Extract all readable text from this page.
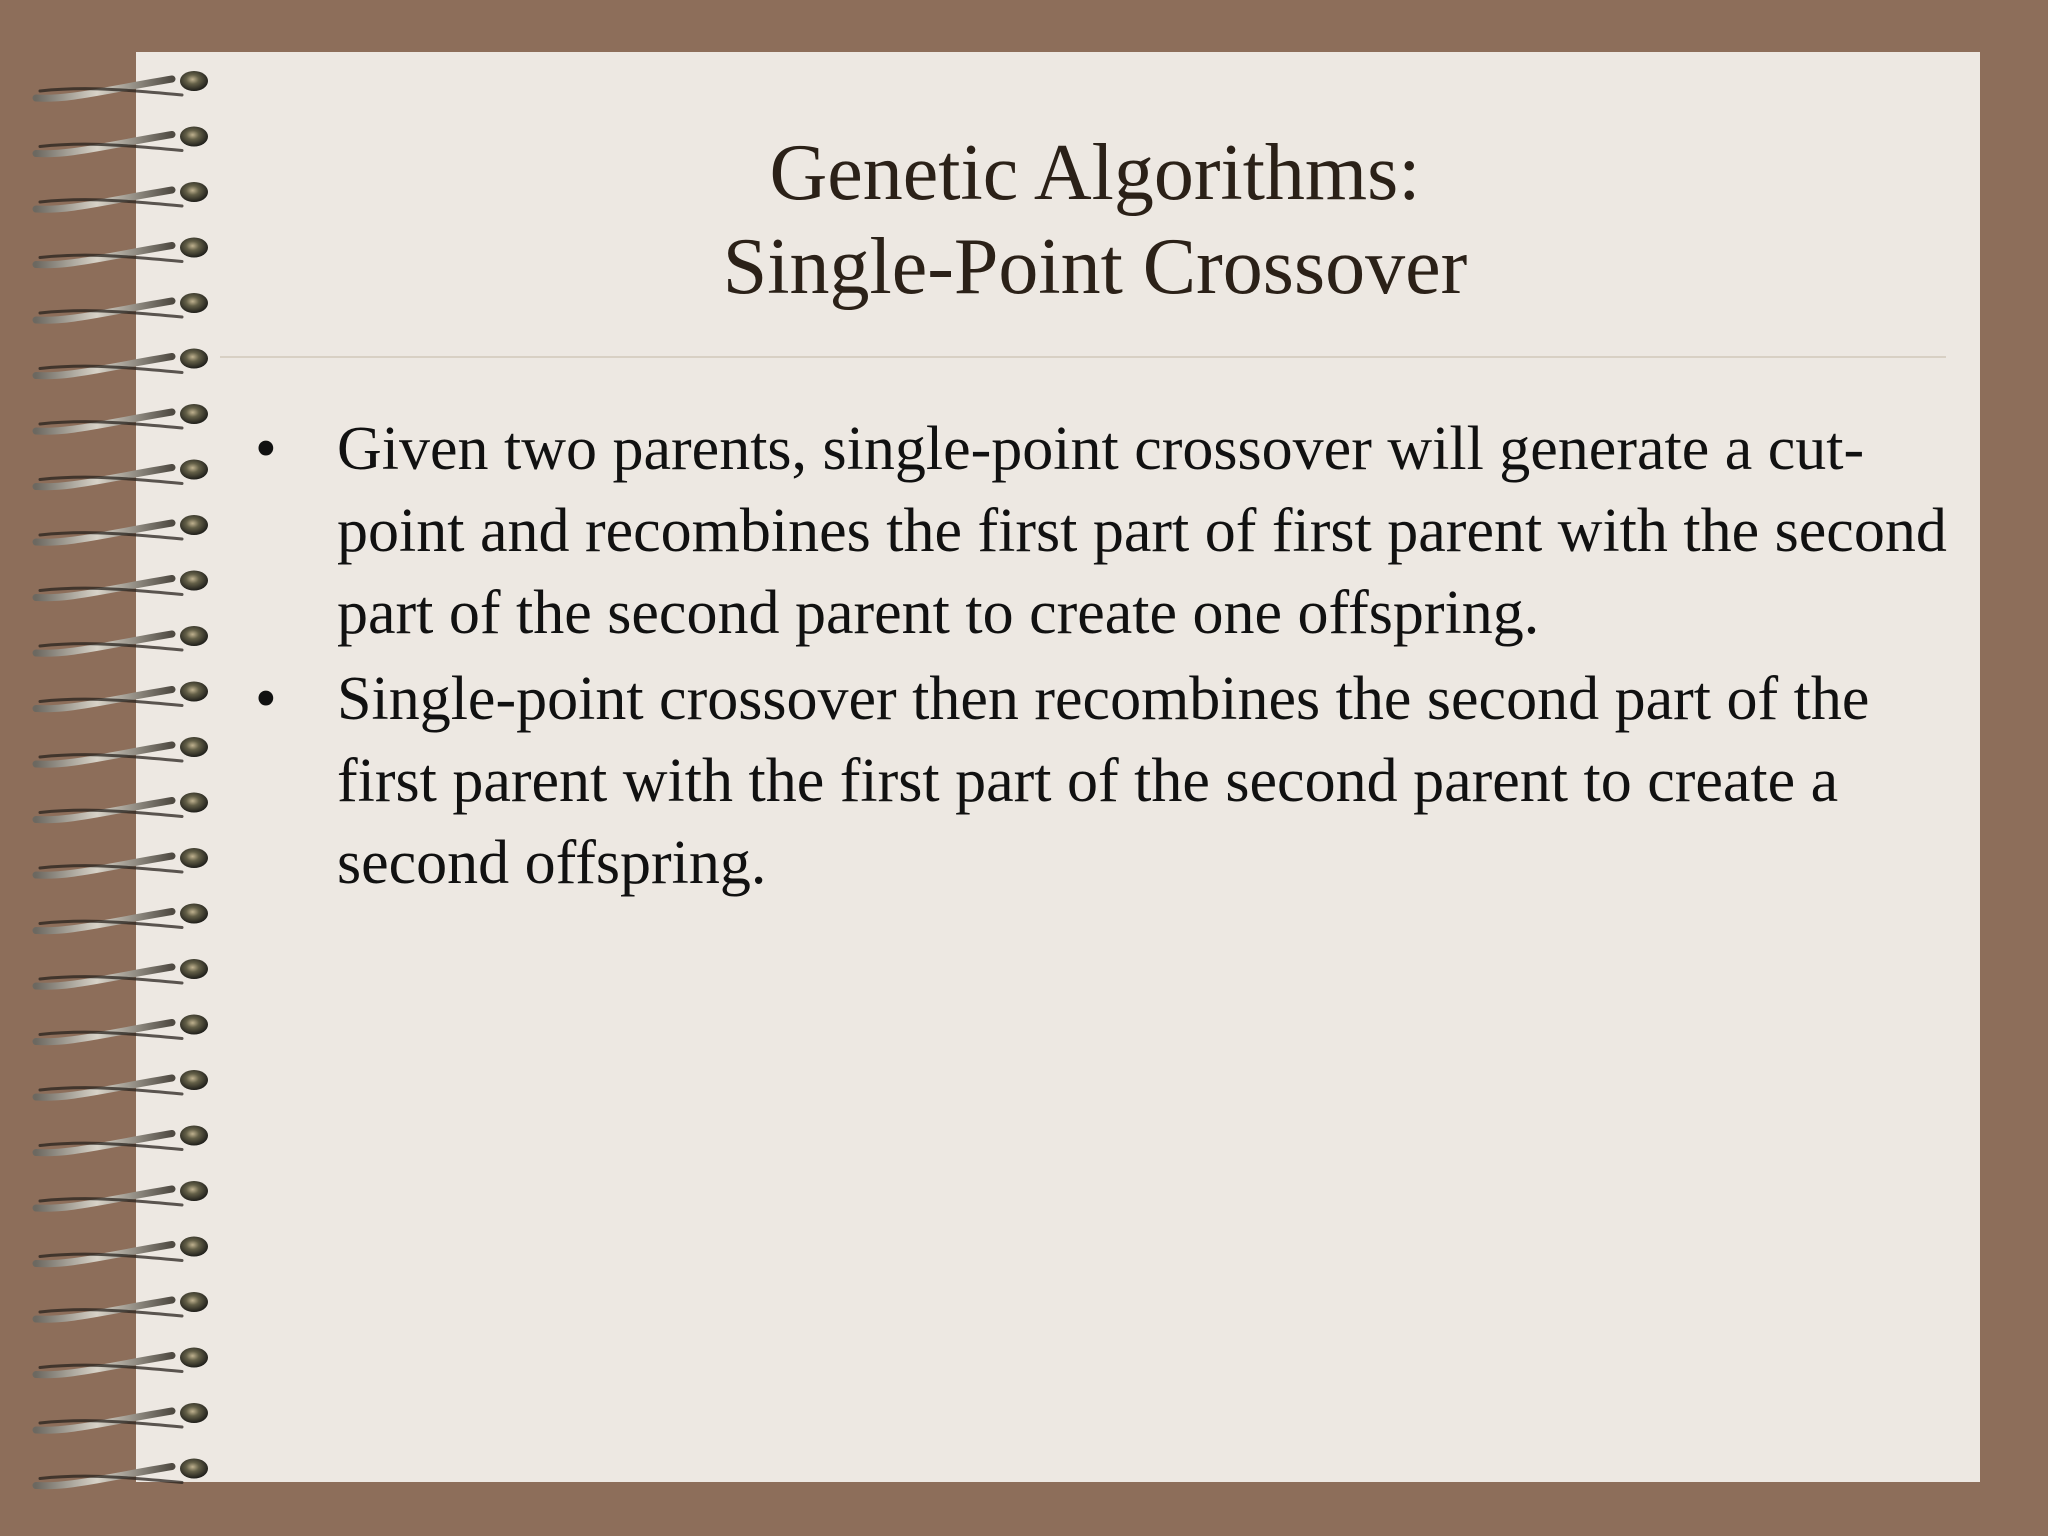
Genetic Algorithms:
Single-Point Crossover
• Given two parents, single-point crossover will generate a cut-point and recombines the first part of first parent with the second part of the second parent to create one offspring.
• Single-point crossover then recombines the second part of the first parent with the first part of the second parent to create a second offspring.
